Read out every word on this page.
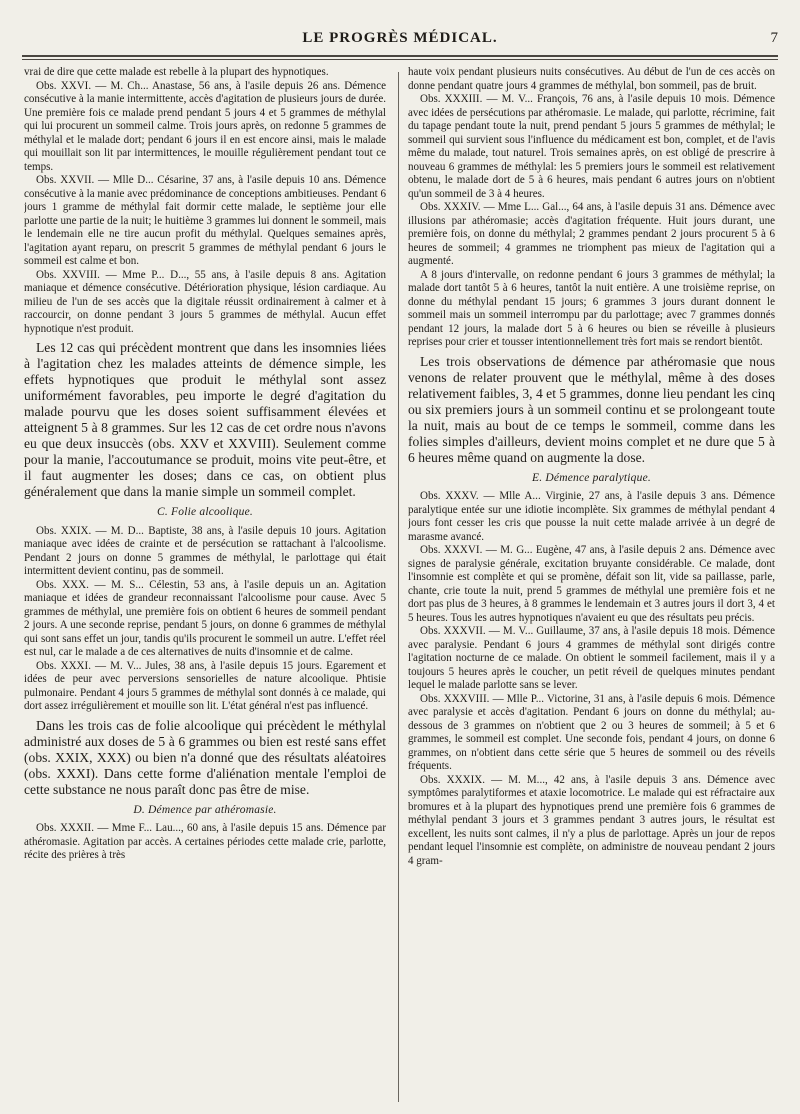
LE PROGRÈS MÉDICAL.	7

vrai de dire que cette malade est rebelle à la plupart des hypnotiques.

Obs. XXVI. — M. Ch... Anastase, 56 ans, à l'asile depuis 26 ans. Démence consécutive à la manie intermittente, accès d'agitation de plusieurs jours de durée. Une première fois ce malade prend pendant 5 jours 4 et 5 grammes de méthylal qui lui procurent un sommeil calme. Trois jours après, on redonne 5 grammes de méthylal et le malade dort; pendant 6 jours il en est encore ainsi, mais le malade qui mouillait son lit par intermittences, le mouille régulièrement pendant tout ce temps.

Obs. XXVII. — Mlle D... Césarine, 37 ans, à l'asile depuis 10 ans. Démence consécutive à la manie avec prédominance de conceptions ambitieuses. Pendant 6 jours 1 gramme de méthylal fait dormir cette malade, le septième jour elle parlotte une partie de la nuit; le huitième 3 grammes lui donnent le sommeil, mais le lendemain elle ne tire aucun profit du méthylal. Quelques semaines après, l'agitation ayant reparu, on prescrit 5 grammes de méthylal pendant 6 jours le sommeil est calme et bon.

Obs. XXVIII. — Mme P... D..., 55 ans, à l'asile depuis 8 ans. Agitation maniaque et démence consécutive. Détérioration physique, lésion cardiaque. Au milieu de l'un de ses accès que la digitale réussit ordinairement à calmer et à raccourcir, on donne pendant 3 jours 5 grammes de méthylal. Aucun effet hypnotique n'est produit.

Les 12 cas qui précèdent montrent que dans les insomnies liées à l'agitation chez les malades atteints de démence simple, les effets hypnotiques que produit le méthylal sont assez uniformément favorables, peu importe le degré d'agitation du malade pourvu que les doses soient suffisamment élevées et atteignent 5 à 8 grammes. Sur les 12 cas de cet ordre nous n'avons eu que deux insuccès (obs. XXV et XXVIII). Seulement comme pour la manie, l'accoutumance se produit, moins vite peut-être, et il faut augmenter les doses; dans ce cas, on obtient plus généralement que dans la manie simple un sommeil complet.

C. Folie alcoolique.

Obs. XXIX. — M. D... Baptiste, 38 ans, à l'asile depuis 10 jours. Agitation maniaque avec idées de crainte et de persécution se rattachant à l'alcoolisme. Pendant 2 jours on donne 5 grammes de méthylal, le parlottage qui était intermittent devient continu, pas de sommeil.

Obs. XXX. — M. S... Célestin, 53 ans, à l'asile depuis un an. Agitation maniaque et idées de grandeur reconnaissant l'alcoolisme pour cause. Avec 5 grammes de méthylal, une première fois on obtient 6 heures de sommeil pendant 2 jours. A une seconde reprise, pendant 5 jours, on donne 6 grammes de méthylal qui sont sans effet un jour, tandis qu'ils procurent le sommeil un autre. L'effet réel est nul, car le malade a de ces alternatives de nuits d'insomnie et de calme.

Obs. XXXI. — M. V... Jules, 38 ans, à l'asile depuis 15 jours. Egarement et idées de peur avec perversions sensorielles de nature alcoolique. Phtisie pulmonaire. Pendant 4 jours 5 grammes de méthylal sont donnés à ce malade, qui dort assez irrégulièrement et mouille son lit. L'état général n'est pas influencé.

Dans les trois cas de folie alcoolique qui précèdent le méthylal administré aux doses de 5 à 6 grammes ou bien est resté sans effet (obs. XXIX, XXX) ou bien n'a donné que des résultats aléatoires (obs. XXXI). Dans cette forme d'aliénation mentale l'emploi de cette substance ne nous paraît donc pas être de mise.

D. Démence par athéromasie.

Obs. XXXII. — Mme F... Lau..., 60 ans, à l'asile depuis 15 ans. Démence par athéromasie. Agitation par accès. A certaines périodes cette malade crie, parlotte, récite des prières à très

haute voix pendant plusieurs nuits consécutives. Au début de l'un de ces accès on donne pendant quatre jours 4 grammes de méthylal, bon sommeil, pas de bruit.

Obs. XXXIII. — M. V... François, 76 ans, à l'asile depuis 10 mois. Démence avec idées de persécutions par athéromasie. Le malade, qui parlotte, récrimine, fait du tapage pendant toute la nuit, prend pendant 5 jours 5 grammes de méthylal; le sommeil qui survient sous l'influence du médicament est bon, complet, et de l'avis même du malade, tout naturel. Trois semaines après, on est obligé de prescrire à nouveau 6 grammes de méthylal: les 5 premiers jours le sommeil est relativement obtenu, le malade dort de 5 à 6 heures, mais pendant 6 autres jours on n'obtient qu'un sommeil de 3 à 4 heures.

Obs. XXXIV. — Mme L... Gal..., 64 ans, à l'asile depuis 31 ans. Démence avec illusions par athéromasie; accès d'agitation fréquente. Huit jours durant, une première fois, on donne du méthylal; 2 grammes pendant 2 jours procurent 5 à 6 heures de sommeil; 4 grammes ne triomphent pas mieux de l'agitation qui a augmenté.

A 8 jours d'intervalle, on redonne pendant 6 jours 3 grammes de méthylal; la malade dort tantôt 5 à 6 heures, tantôt la nuit entière. A une troisième reprise, on donne du méthylal pendant 15 jours; 6 grammes 3 jours durant donnent le sommeil mais un sommeil interrompu par du parlottage; avec 7 grammes donnés pendant 12 jours, la malade dort 5 à 6 heures ou bien se réveille à plusieurs reprises pour crier et tousser intentionnellement très fort mais se rendort bientôt.

Les trois observations de démence par athéromasie que nous venons de relater prouvent que le méthylal, même à des doses relativement faibles, 3, 4 et 5 grammes, donne lieu pendant les cinq ou six premiers jours à un sommeil continu et se prolongeant toute la nuit, mais au bout de ce temps le sommeil, comme dans les folies simples d'ailleurs, devient moins complet et ne dure que 5 à 6 heures même quand on augmente la dose.

E. Démence paralytique.

Obs. XXXV. — Mlle A... Virginie, 27 ans, à l'asile depuis 3 ans. Démence paralytique entée sur une idiotie incomplète. Six grammes de méthylal pendant 4 jours font cesser les cris que pousse la nuit cette malade arrivée à un degré de marasme avancé.

Obs. XXXVI. — M. G... Eugène, 47 ans, à l'asile depuis 2 ans. Démence avec signes de paralysie générale, excitation bruyante considérable. Ce malade, dont l'insomnie est complète et qui se promène, défait son lit, vide sa paillasse, parle, chante, crie toute la nuit, prend 5 grammes de méthylal une première fois et ne dort pas plus de 3 heures, à 8 grammes le lendemain et 3 autres jours il dort 3, 4 et 5 heures. Tous les autres hypnotiques n'avaient eu que des résultats peu précis.

Obs. XXXVII. — M. V... Guillaume, 37 ans, à l'asile depuis 18 mois. Démence avec paralysie. Pendant 6 jours 4 grammes de méthylal sont dirigés contre l'agitation nocturne de ce malade. On obtient le sommeil facilement, mais il y a toujours 5 heures après le coucher, un petit réveil de quelques minutes pendant lequel le malade parlotte sans se lever.

Obs. XXXVIII. — Mlle P... Victorine, 31 ans, à l'asile depuis 6 mois. Démence avec paralysie et accès d'agitation. Pendant 6 jours on donne du méthylal; au-dessous de 3 grammes on n'obtient que 2 ou 3 heures de sommeil; à 5 et 6 grammes, le sommeil est complet. Une seconde fois, pendant 4 jours, on donne 6 grammes, on n'obtient dans cette série que 5 heures de sommeil ou des réveils fréquents.

Obs. XXXIX. — M. M..., 42 ans, à l'asile depuis 3 ans. Démence avec symptômes paralytiformes et ataxie locomotrice. Le malade qui est réfractaire aux bromures et à la plupart des hypnotiques prend une première fois 6 grammes de méthylal pendant 3 jours et 3 grammes pendant 3 autres jours, le résultat est excellent, les nuits sont calmes, il n'y a plus de parlottage. Après un jour de repos pendant lequel l'insomnie est complète, on administre de nouveau pendant 2 jours 4 gram-
